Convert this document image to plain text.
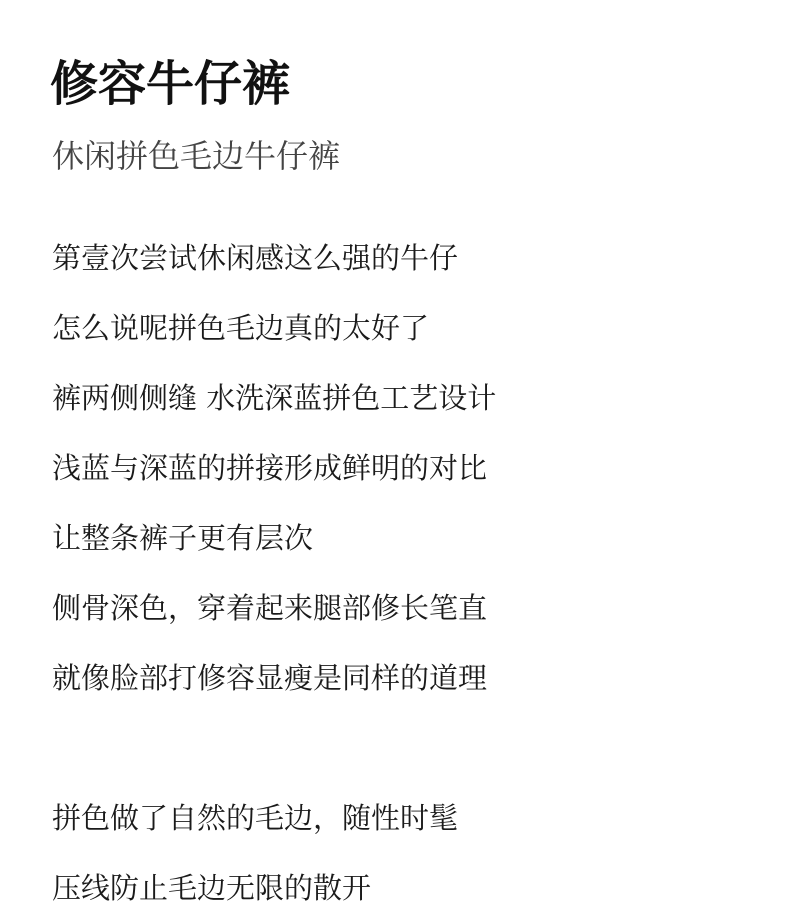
修容牛仔裤
休闲拼色毛边牛仔裤
第壹次尝试休闲感这么强的牛仔
怎么说呢拼色毛边真的太好了
裤两侧侧缝 水洗深蓝拼色工艺设计
浅蓝与深蓝的拼接形成鲜明的对比
让整条裤子更有层次
侧骨深色，穿着起来腿部修长笔直
就像脸部打修容显瘦是同样的道理
拼色做了自然的毛边，随性时髦
压线防止毛边无限的散开
